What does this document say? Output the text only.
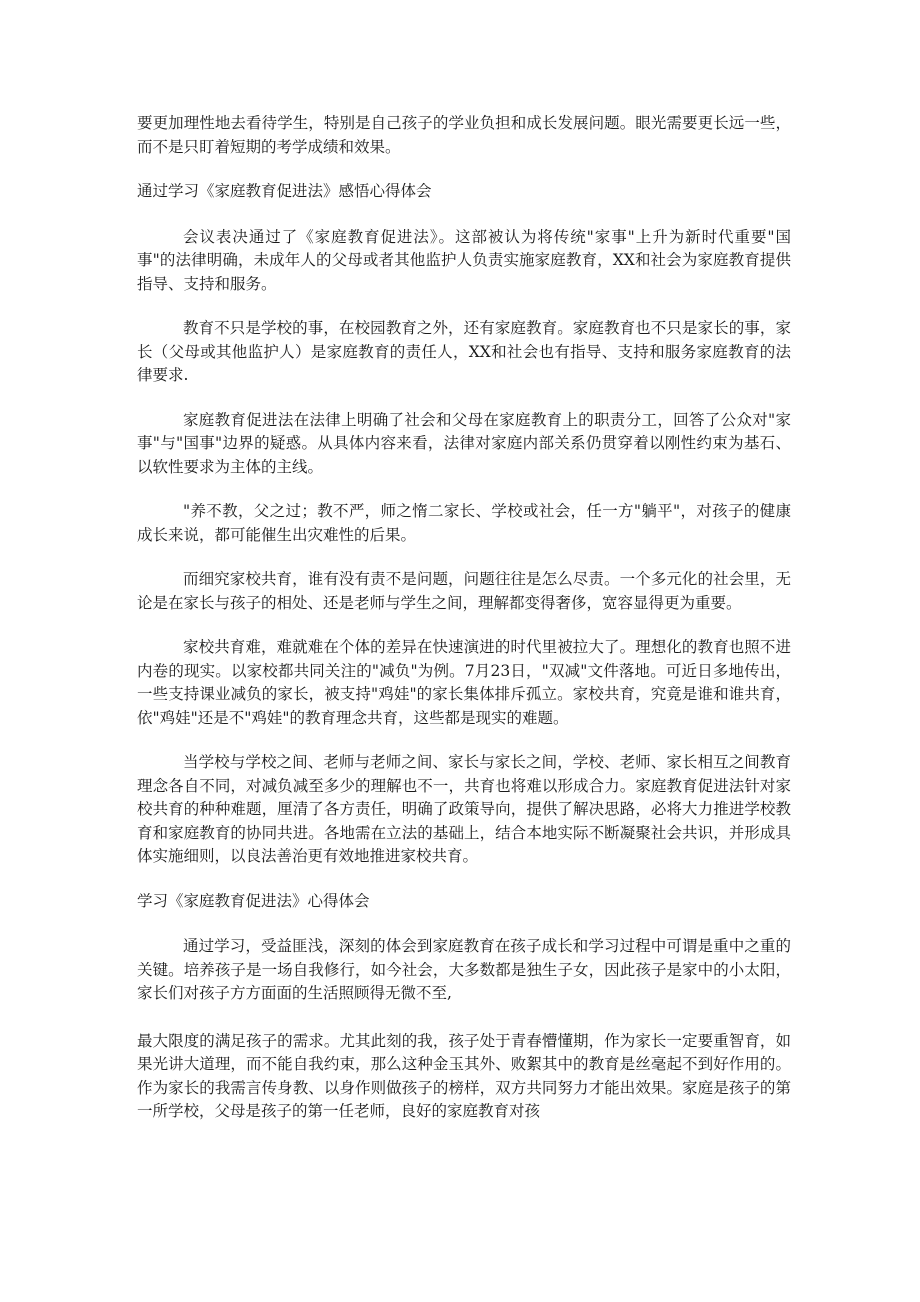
要更加理性地去看待学生，特别是自己孩子的学业负担和成长发展问题。眼光需要更长远一些，而不是只盯着短期的考学成绩和效果。

通过学习《家庭教育促进法》感悟心得体会

会议表决通过了《家庭教育促进法》。这部被认为将传统"家事"上升为新时代重要"国事"的法律明确，未成年人的父母或者其他监护人负责实施家庭教育，XX和社会为家庭教育提供指导、支持和服务。

教育不只是学校的事，在校园教育之外，还有家庭教育。家庭教育也不只是家长的事，家长（父母或其他监护人）是家庭教育的责任人，XX和社会也有指导、支持和服务家庭教育的法律要求.

家庭教育促进法在法律上明确了社会和父母在家庭教育上的职责分工，回答了公众对"家事"与"国事"边界的疑惑。从具体内容来看，法律对家庭内部关系仍贯穿着以刚性约束为基石、以软性要求为主体的主线。

"养不教，父之过；教不严，师之惰二家长、学校或社会，任一方"躺平"，对孩子的健康成长来说，都可能催生出灾难性的后果。

而细究家校共育，谁有没有责不是问题，问题往往是怎么尽责。一个多元化的社会里，无论是在家长与孩子的相处、还是老师与学生之间，理解都变得奢侈，宽容显得更为重要。

家校共育难，难就难在个体的差异在快速演进的时代里被拉大了。理想化的教育也照不进内卷的现实。以家校都共同关注的"减负"为例。7月23日，"双减"文件落地。可近日多地传出，一些支持课业减负的家长，被支持"鸡娃"的家长集体排斥孤立。家校共育，究竟是谁和谁共育，依"鸡娃"还是不"鸡娃"的教育理念共育，这些都是现实的难题。

当学校与学校之间、老师与老师之间、家长与家长之间，学校、老师、家长相互之间教育理念各自不同，对减负减至多少的理解也不一，共育也将难以形成合力。家庭教育促进法针对家校共育的种种难题，厘清了各方责任，明确了政策导向，提供了解决思路，必将大力推进学校教育和家庭教育的协同共进。各地需在立法的基础上，结合本地实际不断凝聚社会共识，并形成具体实施细则，以良法善治更有效地推进家校共育。

学习《家庭教育促进法》心得体会

通过学习，受益匪浅，深刻的体会到家庭教育在孩子成长和学习过程中可谓是重中之重的关键。培养孩子是一场自我修行，如今社会，大多数都是独生子女，因此孩子是家中的小太阳，家长们对孩子方方面面的生活照顾得无微不至,

最大限度的满足孩子的需求。尤其此刻的我，孩子处于青春懵懂期，作为家长一定要重智育，如果光讲大道理，而不能自我约束，那么这种金玉其外、败絮其中的教育是丝毫起不到好作用的。作为家长的我需言传身教、以身作则做孩子的榜样，双方共同努力才能出效果。家庭是孩子的第一所学校，父母是孩子的第一任老师，良好的家庭教育对孩
